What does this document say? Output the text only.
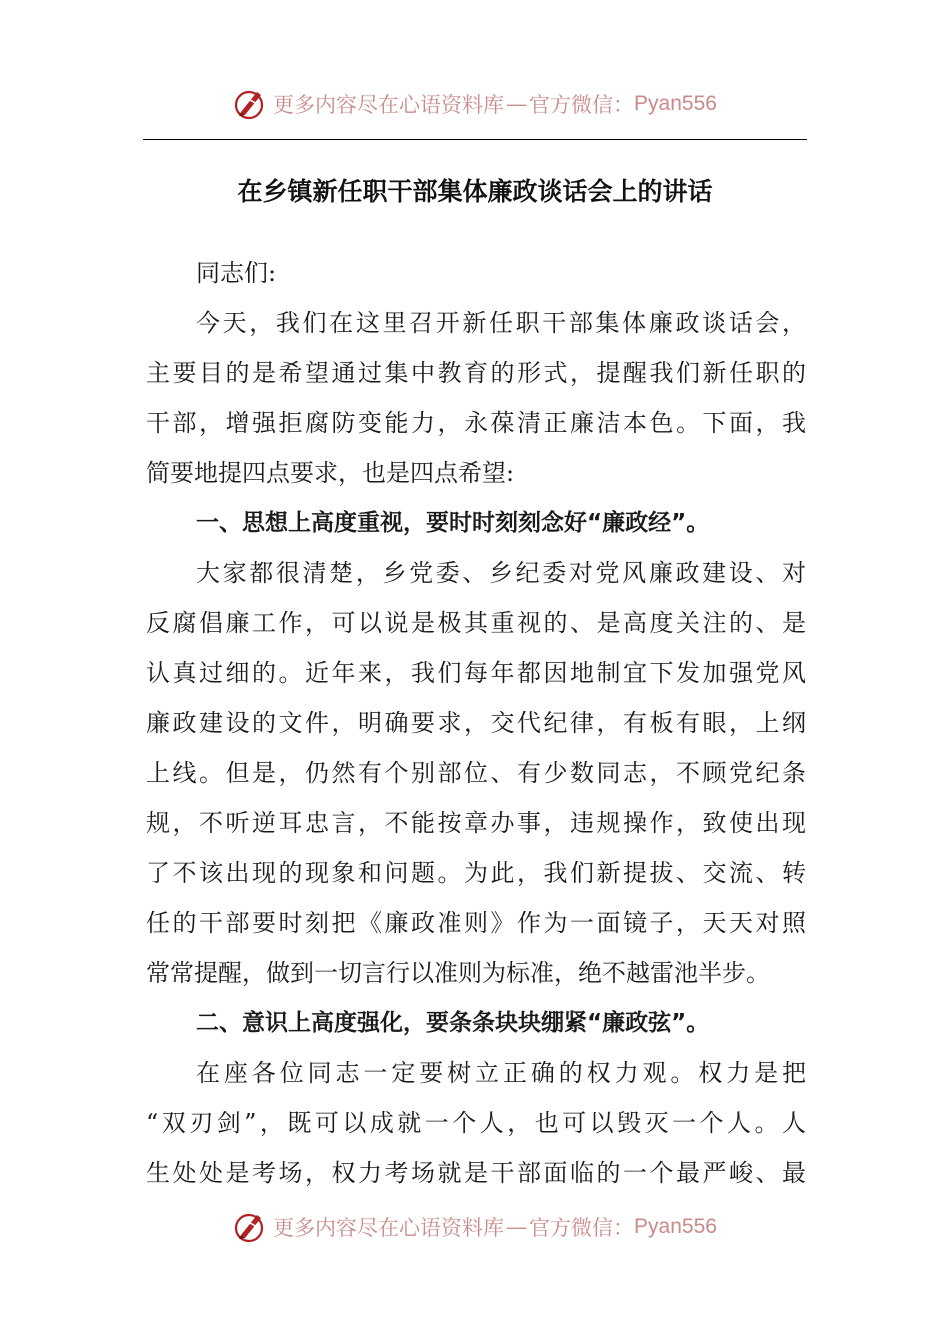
更多内容尽在心语资料库 — 官方微信： Pyan556
在乡镇新任职干部集体廉政谈话会上的讲话
同志们:
今天，我们在这里召开新任职干部集体廉政谈话会，
主要目的是希望通过集中教育的形式，提醒我们新任职的
干部，增强拒腐防变能力，永葆清正廉洁本色。下面，我
简要地提四点要求，也是四点希望:
一、思想上高度重视，要时时刻刻念好“廉政经”。
大家都很清楚，乡党委、乡纪委对党风廉政建设、对
反腐倡廉工作，可以说是极其重视的、是高度关注的、是
认真过细的。近年来，我们每年都因地制宜下发加强党风
廉政建设的文件，明确要求，交代纪律，有板有眼，上纲
上线。但是，仍然有个别部位、有少数同志，不顾党纪条
规，不听逆耳忠言，不能按章办事，违规操作，致使出现
了不该出现的现象和问题。为此，我们新提拔、交流、转
任的干部要时刻把《廉政准则》作为一面镜子，天天对照
常常提醒，做到一切言行以准则为标准，绝不越雷池半步。
二、意识上高度强化，要条条块块绷紧“廉政弦”。
在座各位同志一定要树立正确的权力观。权力是把
“双刃剑”，既可以成就一个人，也可以毁灭一个人。人
生处处是考场，权力考场就是干部面临的一个最严峻、最
更多内容尽在心语资料库 — 官方微信： Pyan556
